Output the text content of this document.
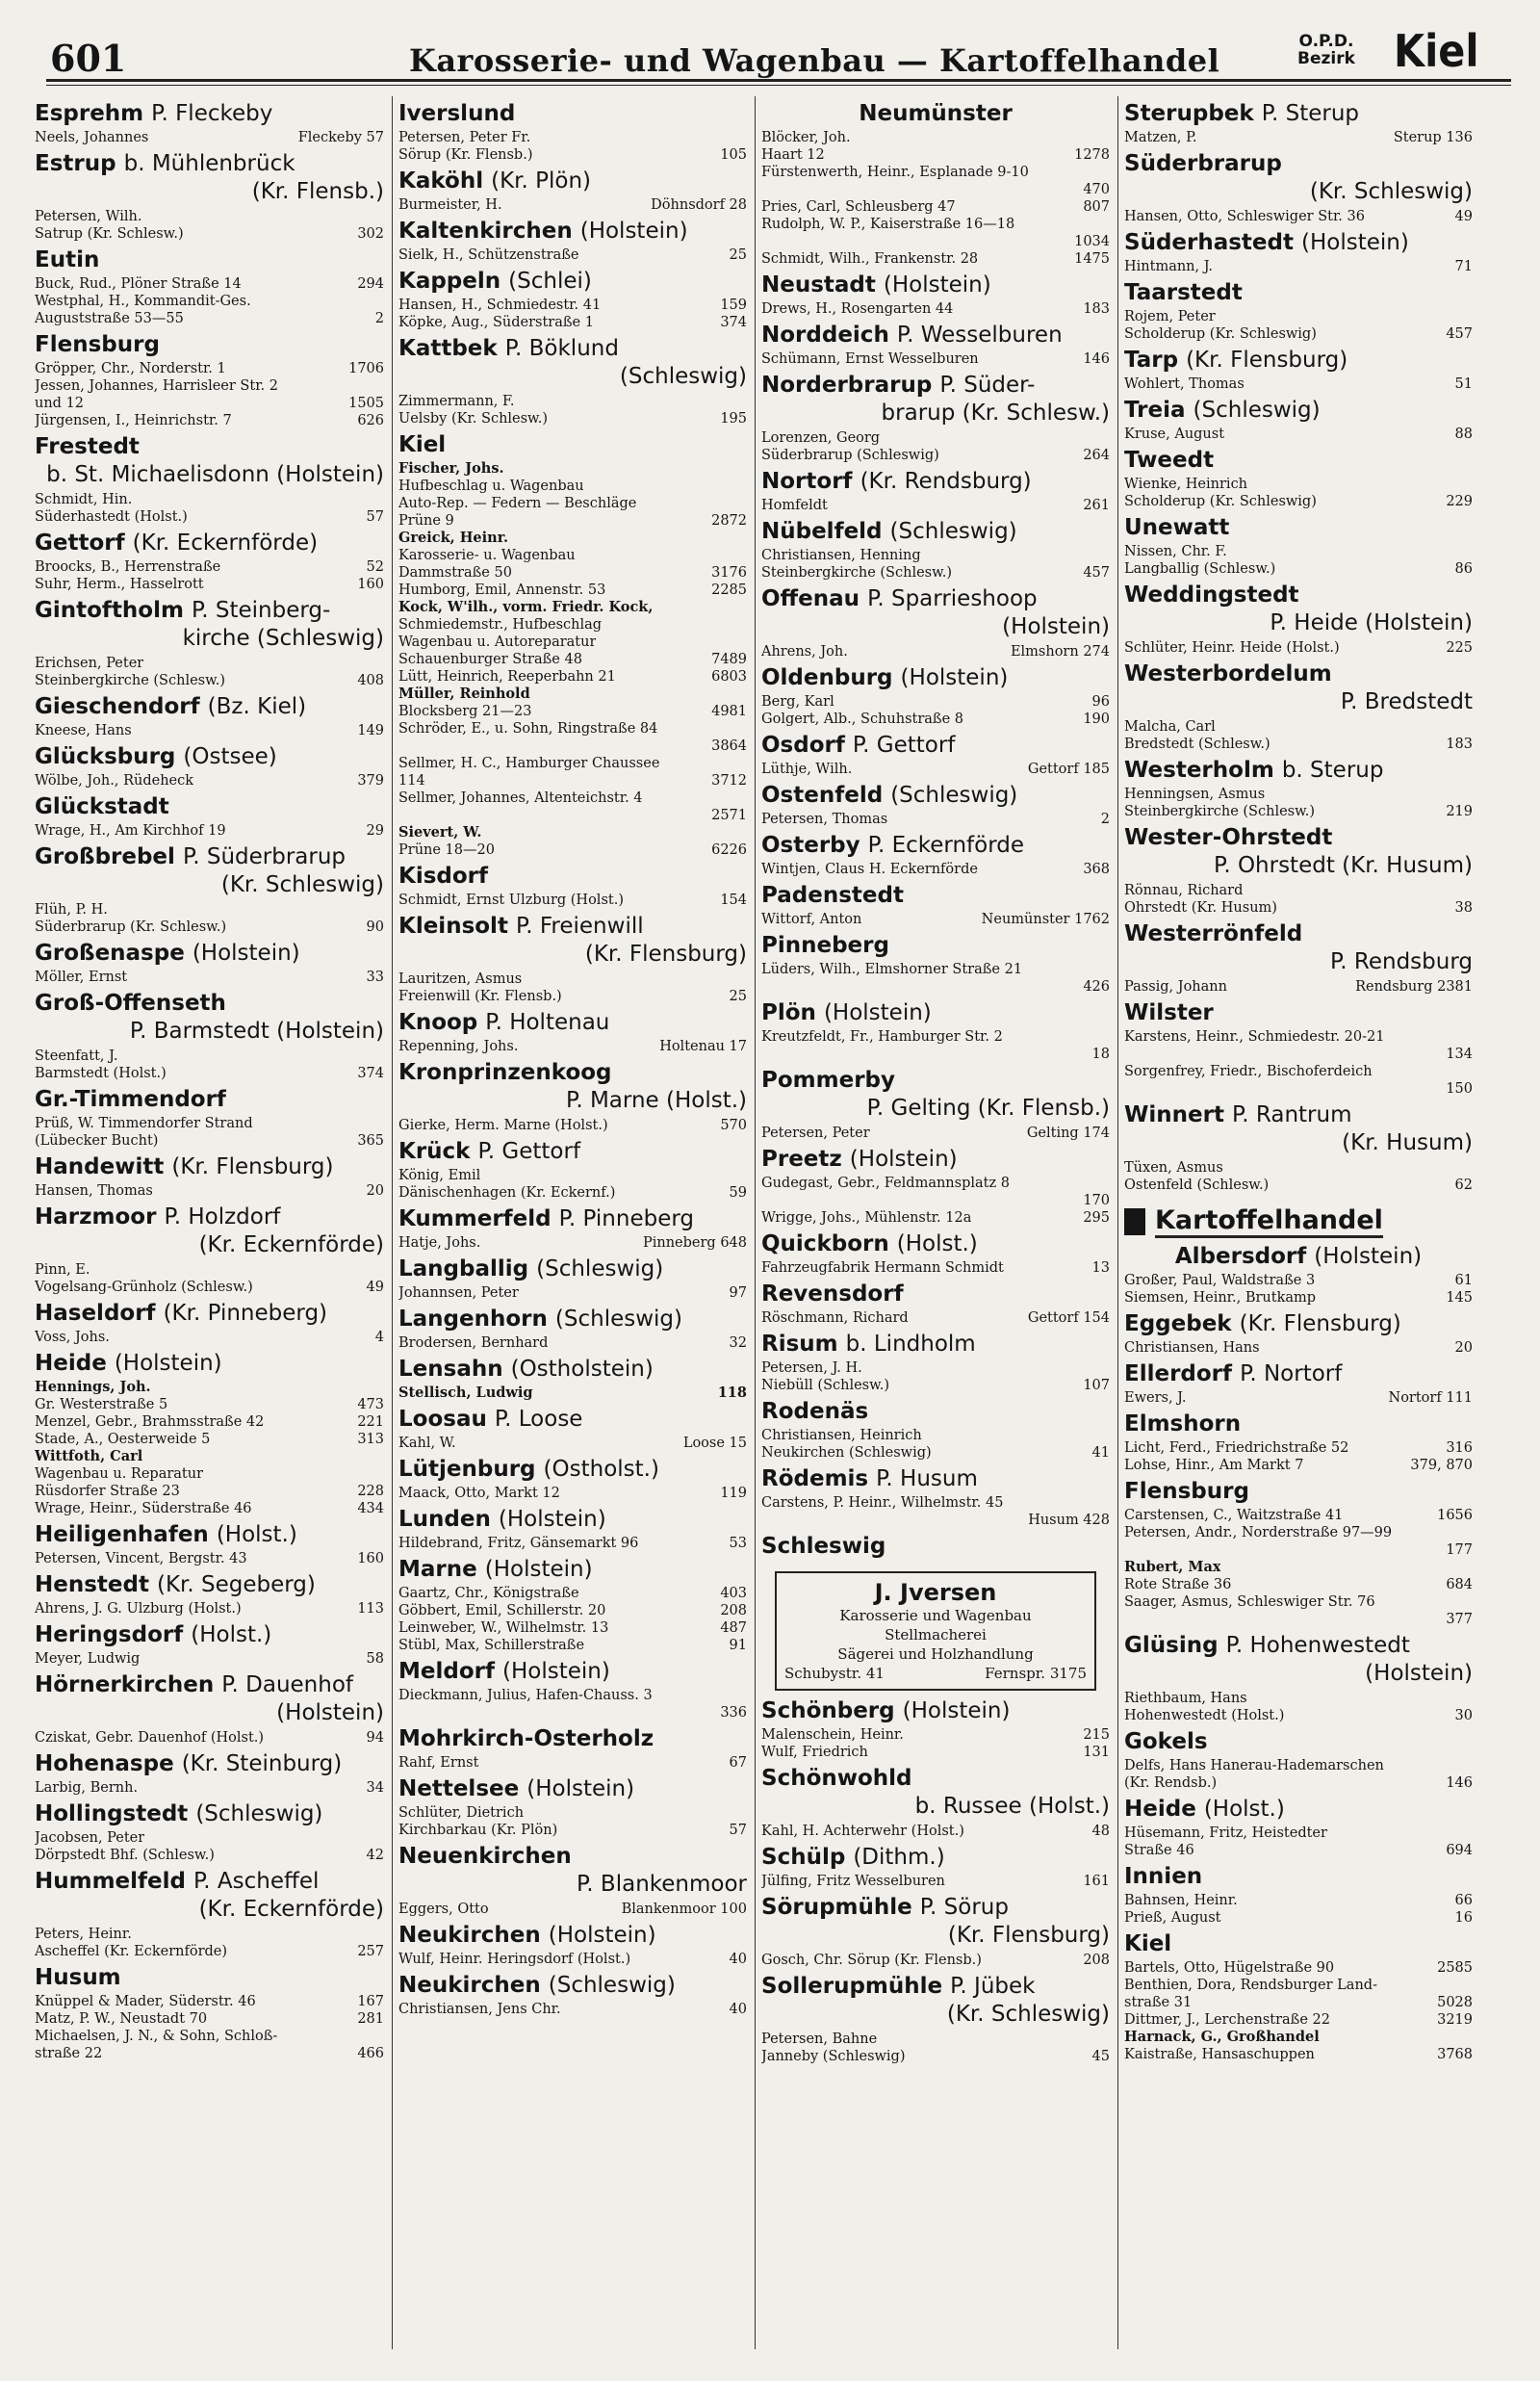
601	Karosserie- und Wagenbau — Kartoffelhandel
O.P.D.
Bezirk Kiel
Esprehm P. Fleckeby
Neels, Johannes	Fleckeby 57
Estrup b. Mühlenbrück
(Kr. Flensb.)
Petersen, Wilh.
Satrup (Kr. Schlesw.)	302
Eutin
Buck, Rud., Plöner Straße 14	294
Westphal, H., Kommandit-Ges.
Auguststraße 53—55	2
Flensburg
Gröpper, Chr., Norderstr. 1	1706
Jessen, Johannes, Harrisleer Str. 2
und 12	1505
Jürgensen, I., Heinrichstr. 7	626
Frestedt
b. St. Michaelisdonn (Holstein)
Schmidt, Hin.
Süderhastedt (Holst.)	57
Gettorf (Kr. Eckernförde)
Broocks, B., Herrenstraße	52
Suhr, Herm., Hasselrott	160
Gintoftholm P. Steinberg-
kirche (Schleswig)
Erichsen, Peter
Steinbergkirche (Schlesw.)	408
Gieschendorf (Bz. Kiel)
Kneese, Hans	149
Glücksburg (Ostsee)
Wölbe, Joh., Rüdeheck	379
Glückstadt
Wrage, H., Am Kirchhof 19	29
Großbrebel P. Süderbrarup
(Kr. Schleswig)
Flüh, P. H.
Süderbrarup (Kr. Schlesw.)	90
Großenaspe (Holstein)
Möller, Ernst	33
Groß-Offenseth
P. Barmstedt (Holstein)
Steenfatt, J.
Barmstedt (Holst.)	374
Gr.-Timmendorf
Prüß, W. Timmendorfer Strand
(Lübecker Bucht)	365
Handewitt (Kr. Flensburg)
Hansen, Thomas	20
Harzmoor P. Holzdorf
(Kr. Eckernförde)
Pinn, E.
Vogelsang-Grünholz (Schlesw.)	49
Haseldorf (Kr. Pinneberg)
Voss, Johs.	4
Heide (Holstein)
Hennings, Joh.
Gr. Westerstraße 5	473
Menzel, Gebr., Brahmsstraße 42	221
Stade, A., Oesterweide 5	313
Wittfoth, Carl
Wagenbau u. Reparatur
Rüsdorfer Straße 23	228
Wrage, Heinr., Süderstraße 46	434
Heiligenhafen (Holst.)
Petersen, Vincent, Bergstr. 43	160
Henstedt (Kr. Segeberg)
Ahrens, J. G. Ulzburg (Holst.)	113
Heringsdorf (Holst.)
Meyer, Ludwig	58
Hörnerkirchen P. Dauenhof
(Holstein)
Cziskat, Gebr. Dauenhof (Holst.)	94
Hohenaspe (Kr. Steinburg)
Larbig, Bernh.	34
Hollingstedt (Schleswig)
Jacobsen, Peter
Dörpstedt Bhf. (Schlesw.)	42
Hummelfeld P. Ascheffel
(Kr. Eckernförde)
Peters, Heinr.
Ascheffel (Kr. Eckernförde)	257
Husum
Knüppel & Mader, Süderstr. 46	167
Matz, P. W., Neustadt 70	281
Michaelsen, J. N., & Sohn, Schloß-
straße 22	466
Iverslund
Petersen, Peter Fr.
Sörup (Kr. Flensb.)	105
Kaköhl (Kr. Plön)
Burmeister, H.	Döhnsdorf 28
Kaltenkirchen (Holstein)
Sielk, H., Schützenstraße	25
Kappeln (Schlei)
Hansen, H., Schmiedestr. 41	159
Köpke, Aug., Süderstraße 1	374
Kattbek P. Böklund
(Schleswig)
Zimmermann, F.
Uelsby (Kr. Schlesw.)	195
Kiel
Fischer, Johs.
Hufbeschlag u. Wagenbau
Auto-Rep. — Federn — Beschläge
Prüne 9	2872
Greick, Heinr.
Karosserie- u. Wagenbau
Dammstraße 50	3176
Humborg, Emil, Annenstr. 53	2285
Kock, W'ilh., vorm. Friedr. Kock,
Schmiedemstr., Hufbeschlag
Wagenbau u. Autoreparatur
Schauenburger Straße 48	7489
Lütt, Heinrich, Reeperbahn 21	6803
Müller, Reinhold
Blocksberg 21—23	4981
Schröder, E., u. Sohn, Ringstraße 84
3864
Sellmer, H. C., Hamburger Chaussee
114	3712
Sellmer, Johannes, Altenteichstr. 4
2571
Sievert, W.
Prüne 18—20	6226
Kisdorf
Schmidt, Ernst Ulzburg (Holst.)	154
Kleinsolt P. Freienwill
(Kr. Flensburg)
Lauritzen, Asmus
Freienwill (Kr. Flensb.)	25
Knoop P. Holtenau
Repenning, Johs.	Holtenau 17
Kronprinzenkoog
P. Marne (Holst.)
Gierke, Herm. Marne (Holst.)	570
Krück P. Gettorf
König, Emil
Dänischenhagen (Kr. Eckernf.)	59
Kummerfeld P. Pinneberg
Hatje, Johs.	Pinneberg 648
Langballig (Schleswig)
Johannsen, Peter	97
Langenhorn (Schleswig)
Brodersen, Bernhard	32
Lensahn (Ostholstein)
Stellisch, Ludwig	118
Loosau P. Loose
Kahl, W.	Loose 15
Lütjenburg (Ostholst.)
Maack, Otto, Markt 12	119
Lunden (Holstein)
Hildebrand, Fritz, Gänsemarkt 96	53
Marne (Holstein)
Gaartz, Chr., Königstraße	403
Göbbert, Emil, Schillerstr. 20	208
Leinweber, W., Wilhelmstr. 13	487
Stübl, Max, Schillerstraße	91
Meldorf (Holstein)
Dieckmann, Julius, Hafen-Chauss. 3
336
Mohrkirch-Osterholz
Rahf, Ernst	67
Nettelsee (Holstein)
Schlüter, Dietrich
Kirchbarkau (Kr. Plön)	57
Neuenkirchen
P. Blankenmoor
Eggers, Otto	Blankenmoor 100
Neukirchen (Holstein)
Wulf, Heinr. Heringsdorf (Holst.)	40
Neukirchen (Schleswig)
Christiansen, Jens Chr.	40
Neumünster
Blöcker, Joh.
Haart 12	1278
Fürstenwerth, Heinr., Esplanade 9-10
470
Pries, Carl, Schleusberg 47	807
Rudolph, W. P., Kaiserstraße 16—18
1034
Schmidt, Wilh., Frankenstr. 28	1475
Neustadt (Holstein)
Drews, H., Rosengarten 44	183
Norddeich P. Wesselburen
Schümann, Ernst Wesselburen	146
Norderbrarup P. Süder-
brarup (Kr. Schlesw.)
Lorenzen, Georg
Süderbrarup (Schleswig)	264
Nortorf (Kr. Rendsburg)
Homfeldt	261
Nübelfeld (Schleswig)
Christiansen, Henning
Steinbergkirche (Schlesw.)	457
Offenau P. Sparrieshoop
(Holstein)
Ahrens, Joh.	Elmshorn 274
Oldenburg (Holstein)
Berg, Karl	96
Golgert, Alb., Schuhstraße 8	190
Osdorf P. Gettorf
Lüthje, Wilh.	Gettorf 185
Ostenfeld (Schleswig)
Petersen, Thomas	2
Osterby P. Eckernförde
Wintjen, Claus H. Eckernförde	368
Padenstedt
Wittorf, Anton	Neumünster 1762
Pinneberg
Lüders, Wilh., Elmshorner Straße 21
426
Plön (Holstein)
Kreutzfeldt, Fr., Hamburger Str. 2
18
Pommerby
P. Gelting (Kr. Flensb.)
Petersen, Peter	Gelting 174
Preetz (Holstein)
Gudegast, Gebr., Feldmannsplatz 8
170
Wrigge, Johs., Mühlenstr. 12a	295
Quickborn (Holst.)
Fahrzeugfabrik Hermann Schmidt	13
Revensdorf
Röschmann, Richard	Gettorf 154
Risum b. Lindholm
Petersen, J. H.
Niebüll (Schlesw.)	107
Rodenäs
Christiansen, Heinrich
Neukirchen (Schleswig)	41
Rödemis P. Husum
Carstens, P. Heinr., Wilhelmstr. 45
Husum 428
Schleswig
J. Jversen
Karosserie und Wagenbau
Stellmacherei
Sägerei und Holzhandlung
Schubystr. 41	Fernspr. 3175
Schönberg (Holstein)
Malenschein, Heinr.	215
Wulf, Friedrich	131
Schönwohld
b. Russee (Holst.)
Kahl, H. Achterwehr (Holst.)	48
Schülp (Dithm.)
Jülfing, Fritz Wesselburen	161
Sörupmühle P. Sörup
(Kr. Flensburg)
Gosch, Chr. Sörup (Kr. Flensb.)	208
Sollerupmühle P. Jübek
(Kr. Schleswig)
Petersen, Bahne
Janneby (Schleswig)	45
Sterupbek P. Sterup
Matzen, P.	Sterup 136
Süderbrarup
(Kr. Schleswig)
Hansen, Otto, Schleswiger Str. 36	49
Süderhastedt (Holstein)
Hintmann, J.	71
Taarstedt
Rojem, Peter
Scholderup (Kr. Schleswig)	457
Tarp (Kr. Flensburg)
Wohlert, Thomas	51
Treia (Schleswig)
Kruse, August	88
Tweedt
Wienke, Heinrich
Scholderup (Kr. Schleswig)	229
Unewatt
Nissen, Chr. F.
Langballig (Schlesw.)	86
Weddingstedt
P. Heide (Holstein)
Schlüter, Heinr. Heide (Holst.)	225
Westerbordelum
P. Bredstedt
Malcha, Carl
Bredstedt (Schlesw.)	183
Westerholm b. Sterup
Henningsen, Asmus
Steinbergkirche (Schlesw.)	219
Wester-Ohrstedt
P. Ohrstedt (Kr. Husum)
Rönnau, Richard
Ohrstedt (Kr. Husum)	38
Westerrönfeld
P. Rendsburg
Passig, Johann	Rendsburg 2381
Wilster
Karstens, Heinr., Schmiedestr. 20-21
134
Sorgenfrey, Friedr., Bischoferdeich
150
Winnert P. Rantrum
(Kr. Husum)
Tüxen, Asmus
Ostenfeld (Schlesw.)	62
Kartoffelhandel
Albersdorf (Holstein)
Großer, Paul, Waldstraße 3	61
Siemsen, Heinr., Brutkamp	145
Eggebek (Kr. Flensburg)
Christiansen, Hans	20
Ellerdorf P. Nortorf
Ewers, J.	Nortorf 111
Elmshorn
Licht, Ferd., Friedrichstraße 52	316
Lohse, Hinr., Am Markt 7	379, 870
Flensburg
Carstensen, C., Waitzstraße 41	1656
Petersen, Andr., Norderstraße 97—99
177
Rubert, Max
Rote Straße 36	684
Saager, Asmus, Schleswiger Str. 76
377
Glüsing P. Hohenwestedt
(Holstein)
Riethbaum, Hans
Hohenwestedt (Holst.)	30
Gokels
Delfs, Hans Hanerau-Hademarschen
(Kr. Rendsb.)	146
Heide (Holst.)
Hüsemann, Fritz, Heistedter
Straße 46	694
Innien
Bahnsen, Heinr.	66
Prieß, August	16
Kiel
Bartels, Otto, Hügelstraße 90	2585
Benthien, Dora, Rendsburger Land-
straße 31	5028
Dittmer, J., Lerchenstraße 22	3219
Harnack, G., Großhandel
Kaistraße, Hansaschuppen	3768
